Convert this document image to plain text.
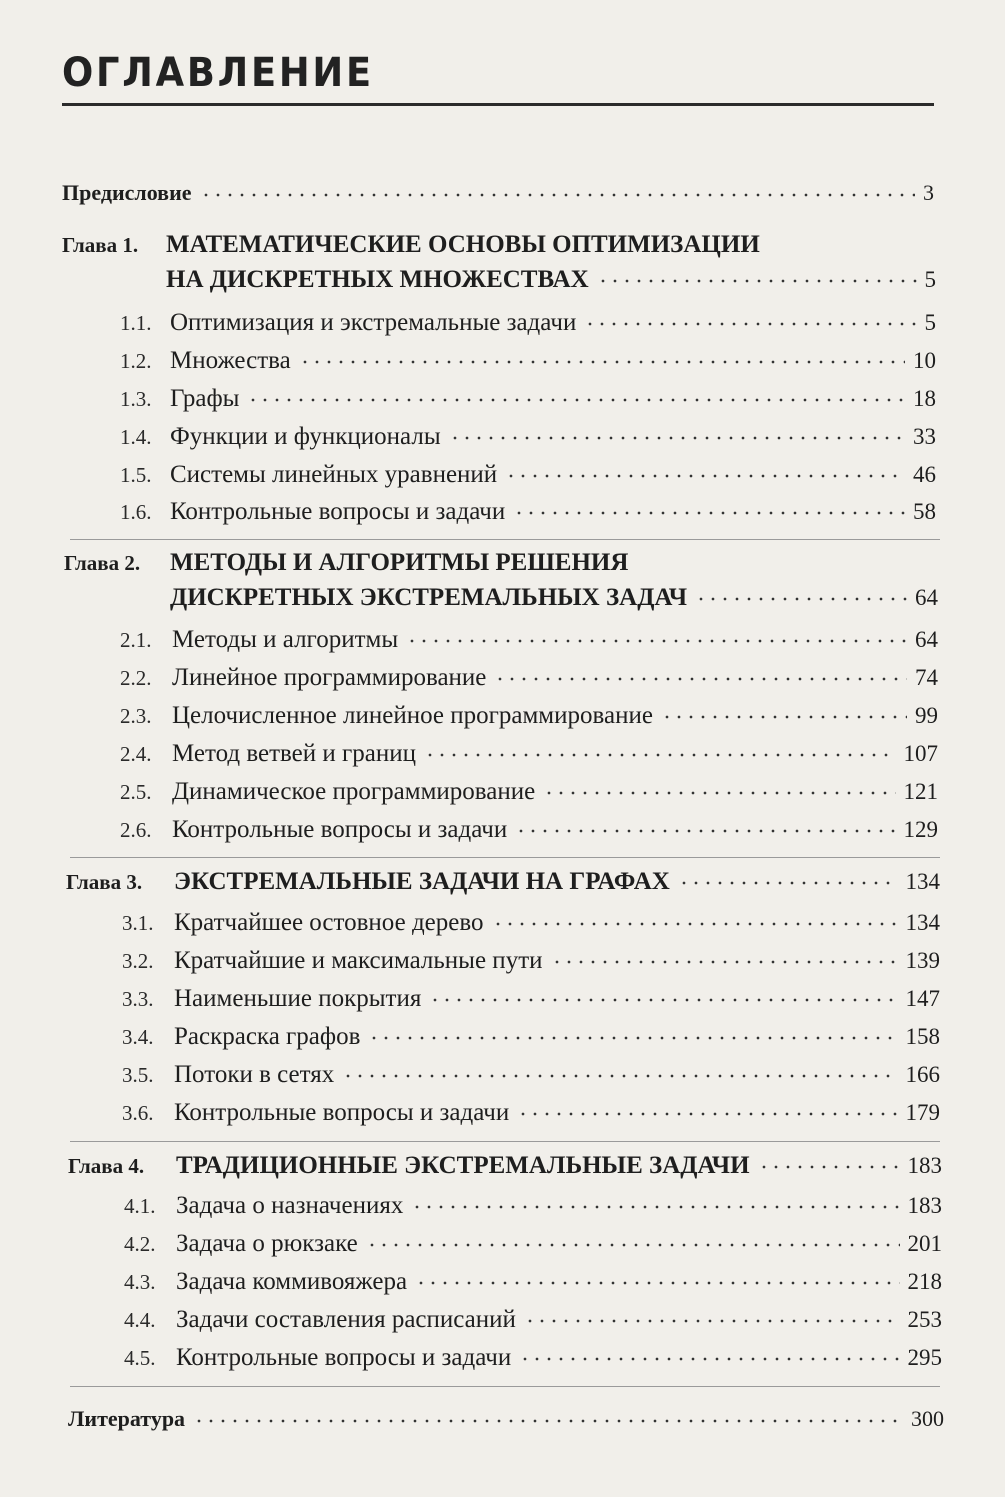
ОГЛАВЛЕНИЕ
Предисловие	3
Глава 1. МАТЕМАТИЧЕСКИЕ ОСНОВЫ ОПТИМИЗАЦИИ
НА ДИСКРЕТНЫХ МНОЖЕСТВАХ	5
1.1. Оптимизация и экстремальные задачи	5
1.2. Множества	10
1.3. Графы	18
1.4. Функции и функционалы	33
1.5. Системы линейных уравнений	46
1.6. Контрольные вопросы и задачи	58
Глава 2. МЕТОДЫ И АЛГОРИТМЫ РЕШЕНИЯ
ДИСКРЕТНЫХ ЭКСТРЕМАЛЬНЫХ ЗАДАЧ	64
2.1. Методы и алгоритмы	64
2.2. Линейное программирование	74
2.3. Целочисленное линейное программирование	99
2.4. Метод ветвей и границ	107
2.5. Динамическое программирование	121
2.6. Контрольные вопросы и задачи	129
Глава 3.	ЭКСТРЕМАЛЬНЫЕ ЗАДАЧИ НА ГРАФАХ	134
3.1. Кратчайшее остовное дерево	134
3.2. Кратчайшие и максимальные пути	139
3.3. Наименьшие покрытия	147
3.4. Раскраска графов	158
3.5. Потоки в сетях	166
3.6. Контрольные вопросы и задачи	179
Глава 4.	ТРАДИЦИОННЫЕ ЭКСТРЕМАЛЬНЫЕ ЗАДАЧИ	183
4.1. Задача о назначениях	183
4.2. Задача о рюкзаке	201
4.3. Задача коммивояжера	218
4.4. Задачи составления расписаний	253
4.5. Контрольные вопросы и задачи	295
Литература	300
